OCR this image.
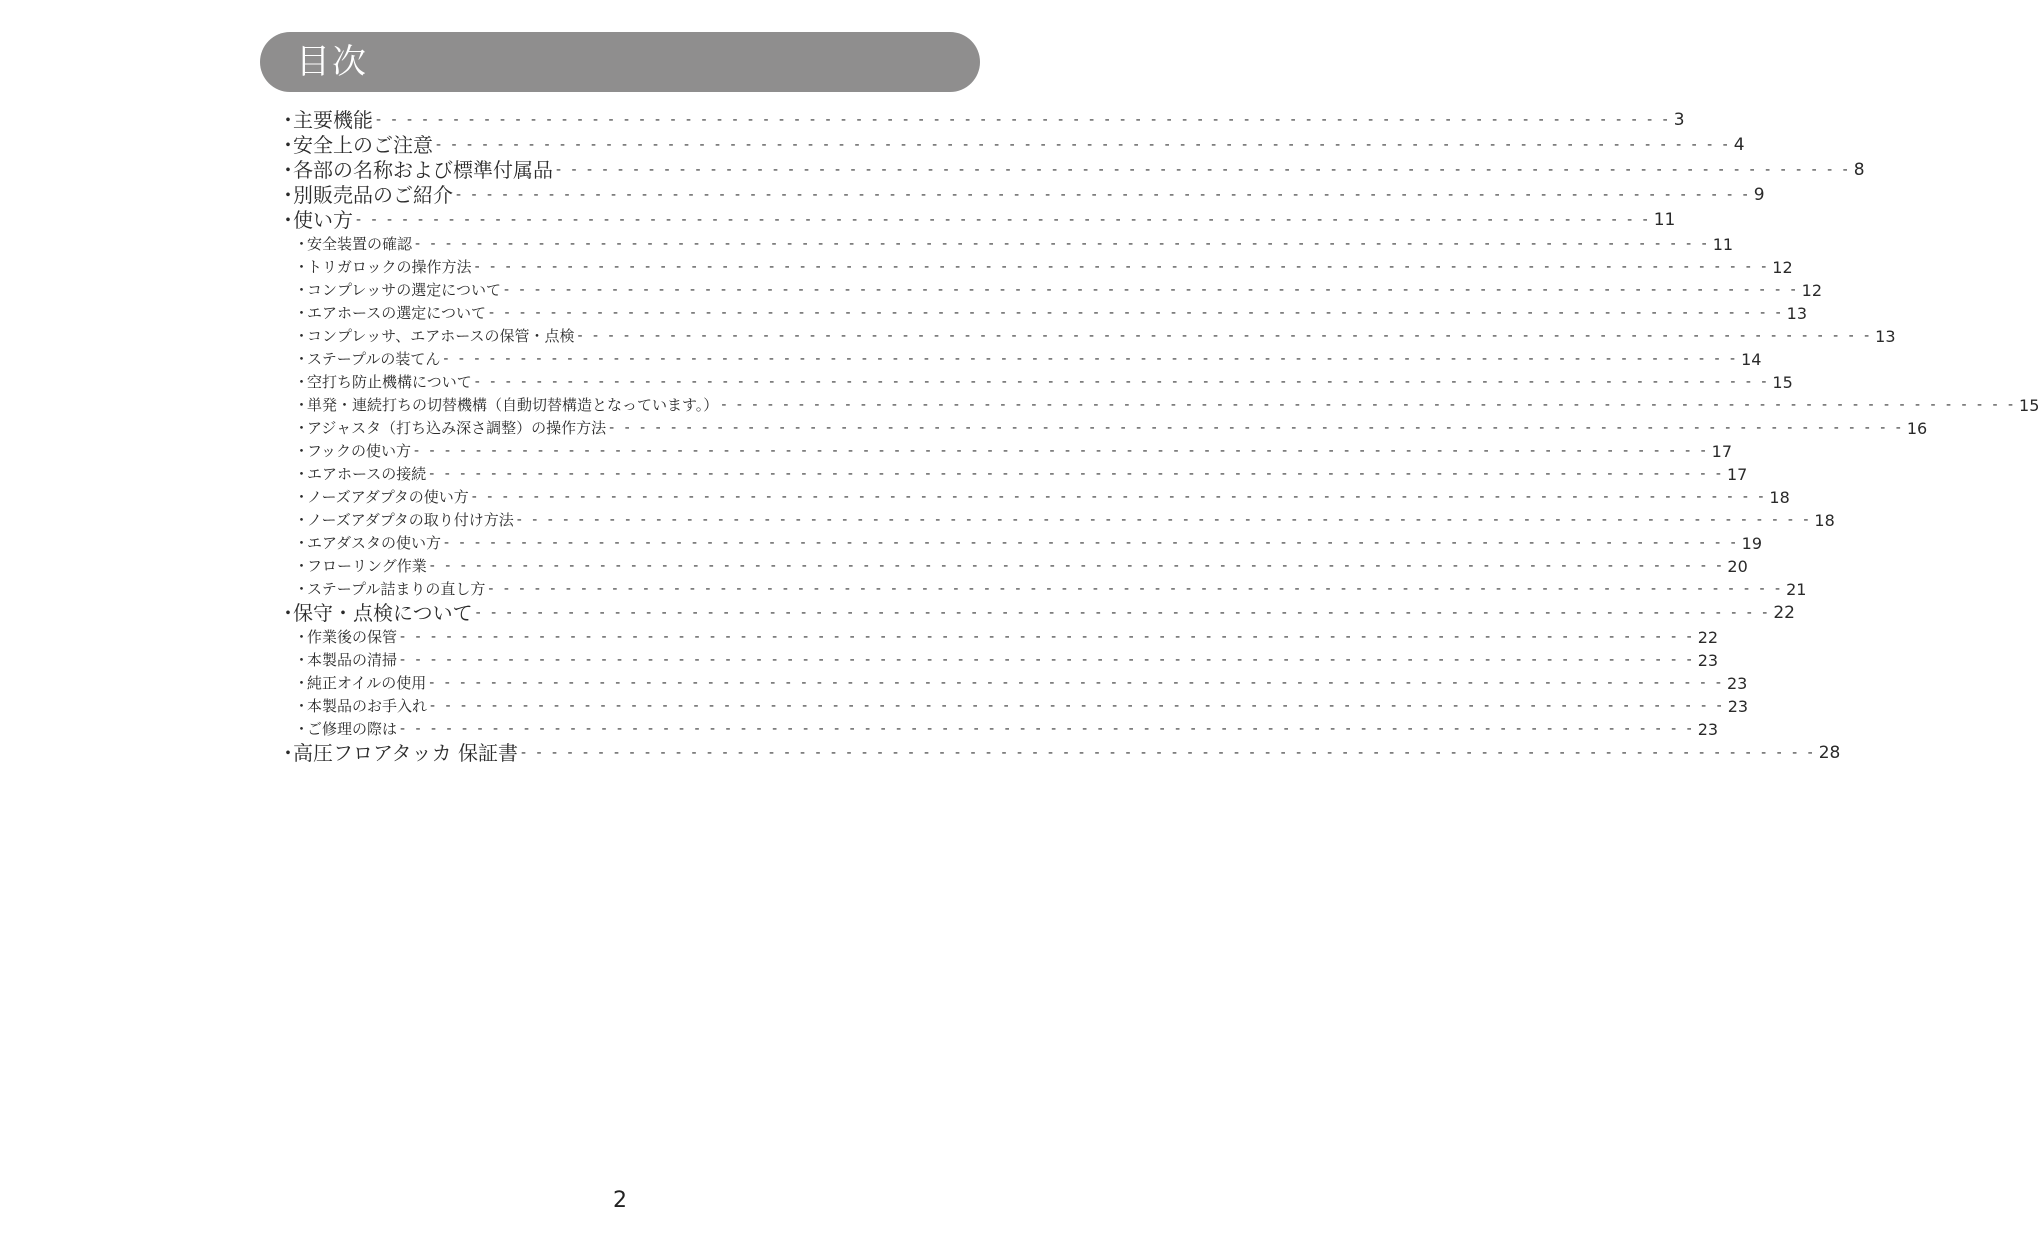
目次
・
主要機能 - - - - - - - - - - - - - - - - - - - - - - - - - - - - - - - - - - - - - - - - - - - - - - - - - - - - - - - - - - - - - - - - - - - - - - - - - - - - - - - - - - - - 3
・
安全上のご注意 - - - - - - - - - - - - - - - - - - - - - - - - - - - - - - - - - - - - - - - - - - - - - - - - - - - - - - - - - - - - - - - - - - - - - - - - - - - - - - - - - - - - 4
・
各部の名称および標準付属品 - - - - - - - - - - - - - - - - - - - - - - - - - - - - - - - - - - - - - - - - - - - - - - - - - - - - - - - - - - - - - - - - - - - - - - - - - - - - - - - - - - - - 8
・
別販売品のご紹介 - - - - - - - - - - - - - - - - - - - - - - - - - - - - - - - - - - - - - - - - - - - - - - - - - - - - - - - - - - - - - - - - - - - - - - - - - - - - - - - - - - - - 9
・
使い方 - - - - - - - - - - - - - - - - - - - - - - - - - - - - - - - - - - - - - - - - - - - - - - - - - - - - - - - - - - - - - - - - - - - - - - - - - - - - - - - - - - - - 11
・
安全装置の確認 - - - - - - - - - - - - - - - - - - - - - - - - - - - - - - - - - - - - - - - - - - - - - - - - - - - - - - - - - - - - - - - - - - - - - - - - - - - - - - - - - - - - 11
・
トリガロックの操作方法 - - - - - - - - - - - - - - - - - - - - - - - - - - - - - - - - - - - - - - - - - - - - - - - - - - - - - - - - - - - - - - - - - - - - - - - - - - - - - - - - - - - - 12
・
コンプレッサの選定について - - - - - - - - - - - - - - - - - - - - - - - - - - - - - - - - - - - - - - - - - - - - - - - - - - - - - - - - - - - - - - - - - - - - - - - - - - - - - - - - - - - - 12
・
エアホースの選定について - - - - - - - - - - - - - - - - - - - - - - - - - - - - - - - - - - - - - - - - - - - - - - - - - - - - - - - - - - - - - - - - - - - - - - - - - - - - - - - - - - - - 13
・
コンプレッサ、エアホースの保管・点検 - - - - - - - - - - - - - - - - - - - - - - - - - - - - - - - - - - - - - - - - - - - - - - - - - - - - - - - - - - - - - - - - - - - - - - - - - - - - - - - - - - - - 13
・
ステープルの装てん - - - - - - - - - - - - - - - - - - - - - - - - - - - - - - - - - - - - - - - - - - - - - - - - - - - - - - - - - - - - - - - - - - - - - - - - - - - - - - - - - - - - 14
・
空打ち防止機構について - - - - - - - - - - - - - - - - - - - - - - - - - - - - - - - - - - - - - - - - - - - - - - - - - - - - - - - - - - - - - - - - - - - - - - - - - - - - - - - - - - - - 15
・
単発・連続打ちの切替機構（自動切替構造となっています。） - - - - - - - - - - - - - - - - - - - - - - - - - - - - - - - - - - - - - - - - - - - - - - - - - - - - - - - - - - - - - - - - - - - - - - - - - - - - - - - - - - - - 15
・
アジャスタ（打ち込み深さ調整）の操作方法 - - - - - - - - - - - - - - - - - - - - - - - - - - - - - - - - - - - - - - - - - - - - - - - - - - - - - - - - - - - - - - - - - - - - - - - - - - - - - - - - - - - - 16
・
フックの使い方 - - - - - - - - - - - - - - - - - - - - - - - - - - - - - - - - - - - - - - - - - - - - - - - - - - - - - - - - - - - - - - - - - - - - - - - - - - - - - - - - - - - - 17
・
エアホースの接続 - - - - - - - - - - - - - - - - - - - - - - - - - - - - - - - - - - - - - - - - - - - - - - - - - - - - - - - - - - - - - - - - - - - - - - - - - - - - - - - - - - - - 17
・
ノーズアダプタの使い方 - - - - - - - - - - - - - - - - - - - - - - - - - - - - - - - - - - - - - - - - - - - - - - - - - - - - - - - - - - - - - - - - - - - - - - - - - - - - - - - - - - - - 18
・
ノーズアダプタの取り付け方法 - - - - - - - - - - - - - - - - - - - - - - - - - - - - - - - - - - - - - - - - - - - - - - - - - - - - - - - - - - - - - - - - - - - - - - - - - - - - - - - - - - - - 18
・
エアダスタの使い方 - - - - - - - - - - - - - - - - - - - - - - - - - - - - - - - - - - - - - - - - - - - - - - - - - - - - - - - - - - - - - - - - - - - - - - - - - - - - - - - - - - - - 19
・
フローリング作業 - - - - - - - - - - - - - - - - - - - - - - - - - - - - - - - - - - - - - - - - - - - - - - - - - - - - - - - - - - - - - - - - - - - - - - - - - - - - - - - - - - - - 20
・
ステープル詰まりの直し方 - - - - - - - - - - - - - - - - - - - - - - - - - - - - - - - - - - - - - - - - - - - - - - - - - - - - - - - - - - - - - - - - - - - - - - - - - - - - - - - - - - - - 21
・
保守・点検について - - - - - - - - - - - - - - - - - - - - - - - - - - - - - - - - - - - - - - - - - - - - - - - - - - - - - - - - - - - - - - - - - - - - - - - - - - - - - - - - - - - - 22
・
作業後の保管 - - - - - - - - - - - - - - - - - - - - - - - - - - - - - - - - - - - - - - - - - - - - - - - - - - - - - - - - - - - - - - - - - - - - - - - - - - - - - - - - - - - - 22
・
本製品の清掃 - - - - - - - - - - - - - - - - - - - - - - - - - - - - - - - - - - - - - - - - - - - - - - - - - - - - - - - - - - - - - - - - - - - - - - - - - - - - - - - - - - - - 23
・
純正オイルの使用 - - - - - - - - - - - - - - - - - - - - - - - - - - - - - - - - - - - - - - - - - - - - - - - - - - - - - - - - - - - - - - - - - - - - - - - - - - - - - - - - - - - - 23
・
本製品のお手入れ - - - - - - - - - - - - - - - - - - - - - - - - - - - - - - - - - - - - - - - - - - - - - - - - - - - - - - - - - - - - - - - - - - - - - - - - - - - - - - - - - - - - 23
・
ご修理の際は - - - - - - - - - - - - - - - - - - - - - - - - - - - - - - - - - - - - - - - - - - - - - - - - - - - - - - - - - - - - - - - - - - - - - - - - - - - - - - - - - - - - 23
・
高圧フロアタッカ 保証書 - - - - - - - - - - - - - - - - - - - - - - - - - - - - - - - - - - - - - - - - - - - - - - - - - - - - - - - - - - - - - - - - - - - - - - - - - - - - - - - - - - - - 28
2
